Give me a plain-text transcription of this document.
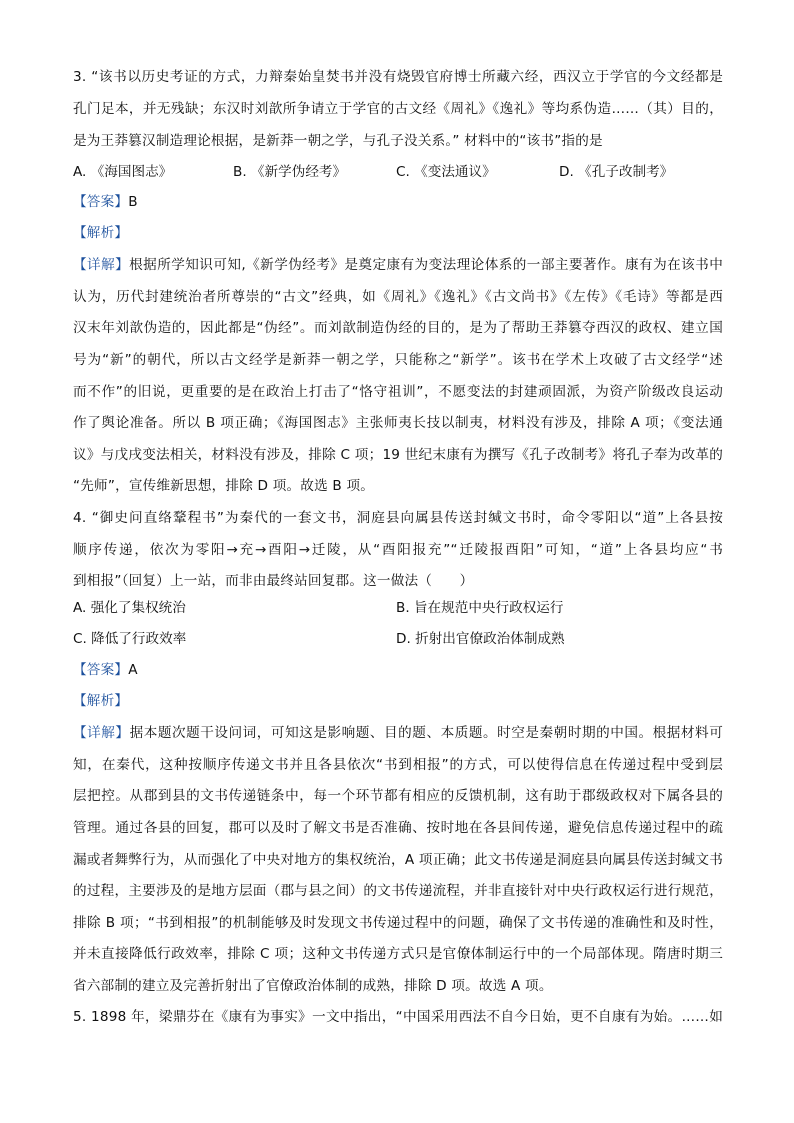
3. “该书以历史考证的方式，力辩秦始皇焚书并没有烧毁官府博士所藏六经，西汉立于学官的今文经都是
孔门足本，并无残缺；东汉时刘歆所争请立于学官的古文经《周礼》《逸礼》等均系伪造……（其）目的，
是为王莽篡汉制造理论根据，是新莽一朝之学，与孔子没关系。” 材料中的“该书”指的是
A. 《海国图志》	B. 《新学伪经考》	C. 《变法通议》	D. 《孔子改制考》
【答案】B
【解析】
【详解】根据所学知识可知,《新学伪经考》是奠定康有为变法理论体系的一部主要著作。康有为在该书中
认为，历代封建统治者所尊崇的“古文”经典，如《周礼》《逸礼》《古文尚书》《左传》《毛诗》等都是西
汉末年刘歆伪造的，因此都是“伪经”。而刘歆制造伪经的目的，是为了帮助王莽篡夺西汉的政权、建立国
号为“新”的朝代，所以古文经学是新莽一朝之学，只能称之“新学”。该书在学术上攻破了古文经学“述
而不作”的旧说，更重要的是在政治上打击了“恪守祖训”，不愿变法的封建顽固派，为资产阶级改良运动
作了舆论准备。所以 B 项正确；《海国图志》主张师夷长技以制夷，材料没有涉及，排除 A 项；《变法通
议》与戊戌变法相关，材料没有涉及，排除 C 项；19 世纪末康有为撰写《孔子改制考》将孔子奉为改革的
“先师”，宣传维新思想，排除 D 项。故选 B 项。
4. “御史问直络鞪程书”为秦代的一套文书，洞庭县向属县传送封缄文书时，命令零阳以“道”上各县按
顺序传递，依次为零阳→充→酉阳→迁陵，从“酉阳报充”“迁陵报酉阳”可知，“道”上各县均应“书
到相报”（回复）上一站，而非由最终站回复郡。这一做法（　　）
A. 强化了集权统治	B. 旨在规范中央行政权运行
C. 降低了行政效率	D. 折射出官僚政治体制成熟
【答案】A
【解析】
【详解】据本题次题干设问词，可知这是影响题、目的题、本质题。时空是秦朝时期的中国。根据材料可
知，在秦代，这种按顺序传递文书并且各县依次“书到相报”的方式，可以使得信息在传递过程中受到层
层把控。从郡到县的文书传递链条中，每一个环节都有相应的反馈机制，这有助于郡级政权对下属各县的
管理。通过各县的回复，郡可以及时了解文书是否准确、按时地在各县间传递，避免信息传递过程中的疏
漏或者舞弊行为，从而强化了中央对地方的集权统治，A 项正确；此文书传递是洞庭县向属县传送封缄文书
的过程，主要涉及的是地方层面（郡与县之间）的文书传递流程，并非直接针对中央行政权运行进行规范，
排除 B 项；“书到相报”的机制能够及时发现文书传递过程中的问题，确保了文书传递的准确性和及时性，
并未直接降低行政效率，排除 C 项；这种文书传递方式只是官僚体制运行中的一个局部体现。隋唐时期三
省六部制的建立及完善折射出了官僚政治体制的成熟，排除 D 项。故选 A 项。
5. 1898 年，梁鼎芬在《康有为事实》一文中指出，“中国采用西法不自今日始，更不自康有为始。……如
